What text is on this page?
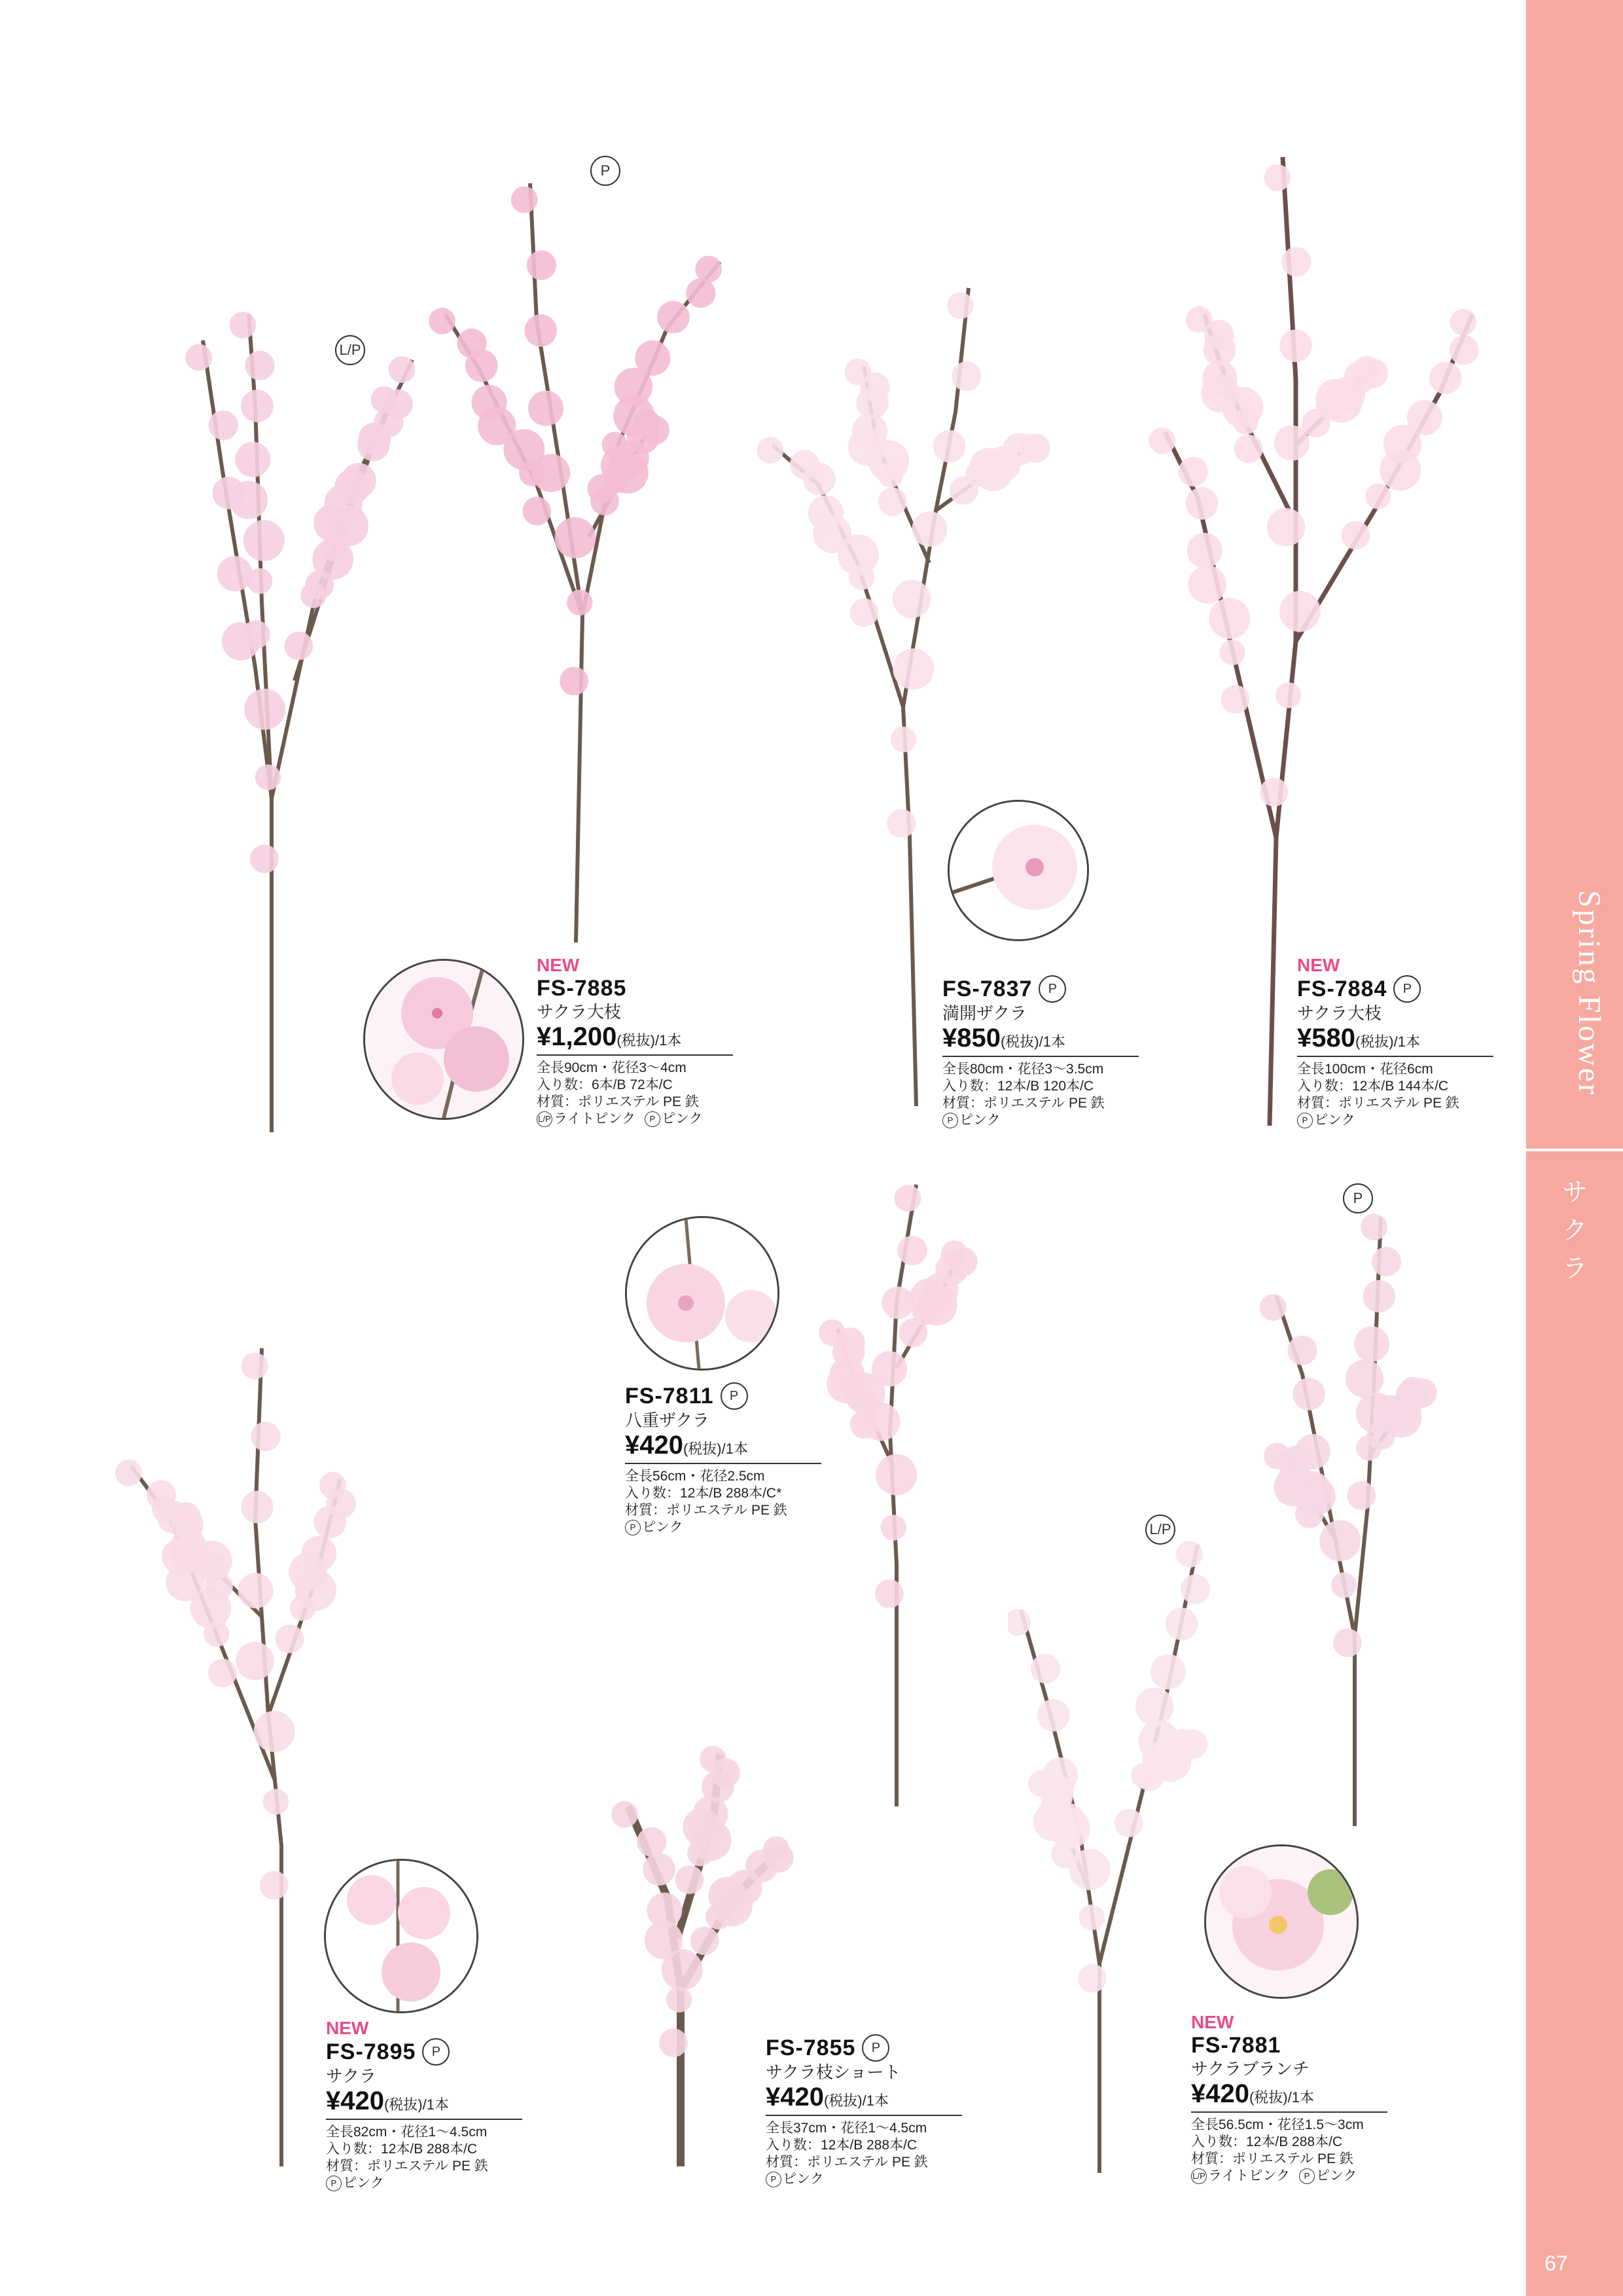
Spring Flower
サクラ
67
L/P
P
L/P
P
NEW
FS-7885
サクラ大枝
¥1,200(税抜)/1本
全長90cm・花径3～4cm
入り数：6本/B 72本/C
材質：ポリエステル PE 鉄
L/P ライトピンク	P ピンク
FS-7837	P
満開ザクラ
¥850(税抜)/1本
全長80cm・花径3～3.5cm
入り数：12本/B 120本/C
材質：ポリエステル PE 鉄
P ピンク
NEW
FS-7884	P
サクラ大枝
¥580(税抜)/1本
全長100cm・花径6cm
入り数：12本/B 144本/C
材質：ポリエステル PE 鉄
P ピンク
FS-7811	P
八重ザクラ
¥420(税抜)/1本
全長56cm・花径2.5cm
入り数：12本/B 288本/C*
材質：ポリエステル PE 鉄
P ピンク
NEW
FS-7895	P
サクラ
¥420(税抜)/1本
全長82cm・花径1～4.5cm
入り数：12本/B 288本/C
材質：ポリエステル PE 鉄
P ピンク
FS-7855	P
サクラ枝ショート
¥420(税抜)/1本
全長37cm・花径1～4.5cm
入り数：12本/B 288本/C
材質：ポリエステル PE 鉄
P ピンク
NEW
FS-7881
サクラブランチ
¥420(税抜)/1本
全長56.5cm・花径1.5～3cm
入り数：12本/B 288本/C
材質：ポリエステル PE 鉄
L/P ライトピンク	P ピンク
